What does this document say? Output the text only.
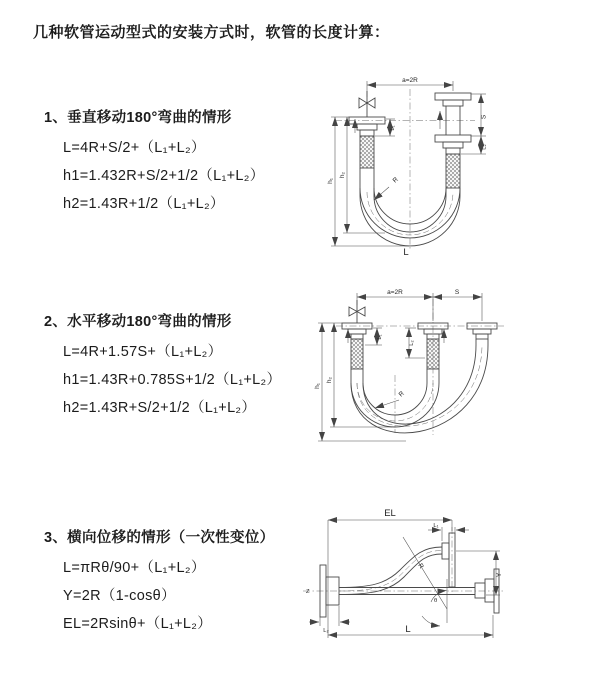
几种软管运动型式的安装方式时，软管的长度计算：
1、垂直移动180°弯曲的情形
L=4R+S/2+（L₁+L₂）
h1=1.432R+S/2+1/2（L₁+L₂）
h2=1.43R+1/2（L₁+L₂）
2、水平移动180°弯曲的情形
L=4R+1.57S+（L₁+L₂）
h1=1.43R+0.785S+1/2（L₁+L₂）
h2=1.43R+S/2+1/2（L₁+L₂）
3、横向位移的情形（一次性变位）
L=πRθ/90+（L₁+L₂）
Y=2R（1-cosθ）
EL=2Rsinθ+（L₁+L₂）
a=2R
S
L₂
L₁
h₁
h₂
R
L
a=2R	S
h₁
h₂
L₁
L₂
R
EL
L₁
Y
R
θ
L₂	L
Z
